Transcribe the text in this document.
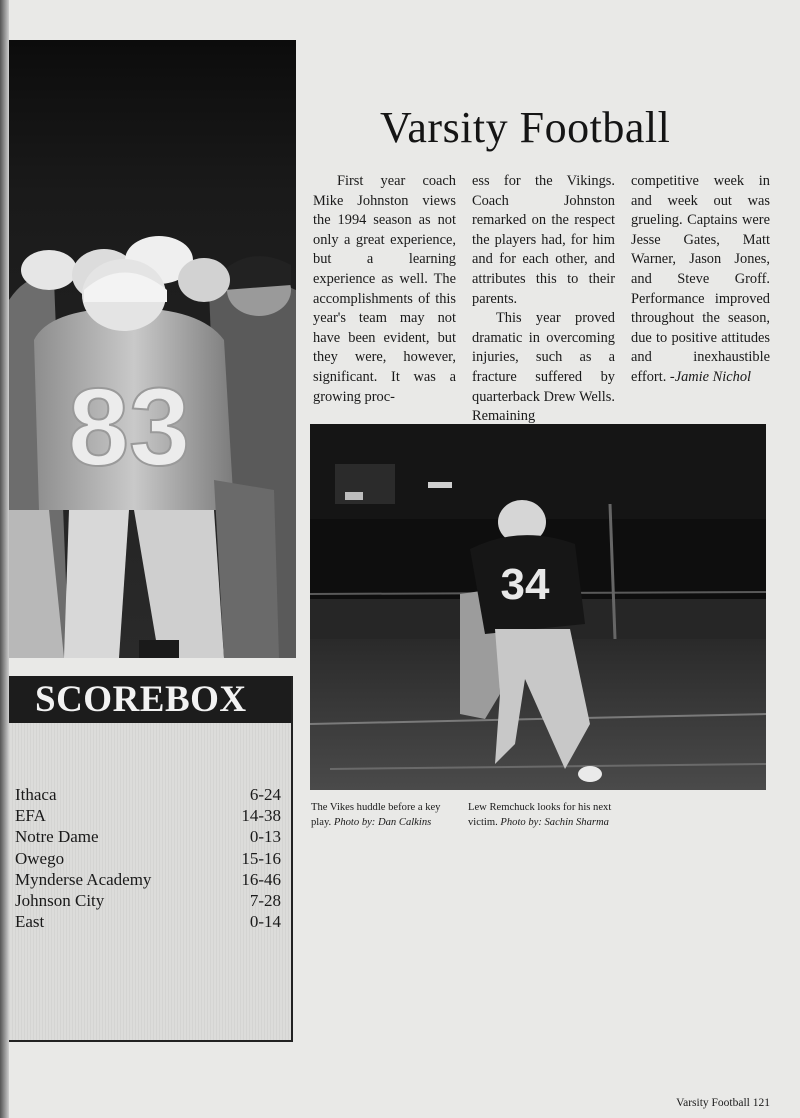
83
Varsity Football

First year coach Mike Johnston views the 1994 season as not only a great experience, but a learning experience as well. The accomplishments of this year's team may not have been evident, but they were, however, significant. It was a growing proc-

ess for the Vikings. Coach Johnston remarked on the respect the players had, for him and for each other, and attributes this to their parents.

This year proved dramatic in overcoming injuries, such as a fracture suffered by quarterback Drew Wells. Remaining

competitive week in and week out was grueling. Captains were Jesse Gates, Matt Warner, Jason Jones, and Steve Groff. Performance improved throughout the season, due to positive attitudes and inexhaustible effort. -Jamie Nichol

34

The Vikes huddle before a key play. Photo by: Dan Calkins

Lew Remchuck looks for his next victim. Photo by: Sachin Sharma

SCOREBOX
Ithaca	6-24
EFA	14-38
Notre Dame	0-13
Owego	15-16
Mynderse Academy	16-46
Johnson City	7-28
East	0-14

Varsity Football 121
